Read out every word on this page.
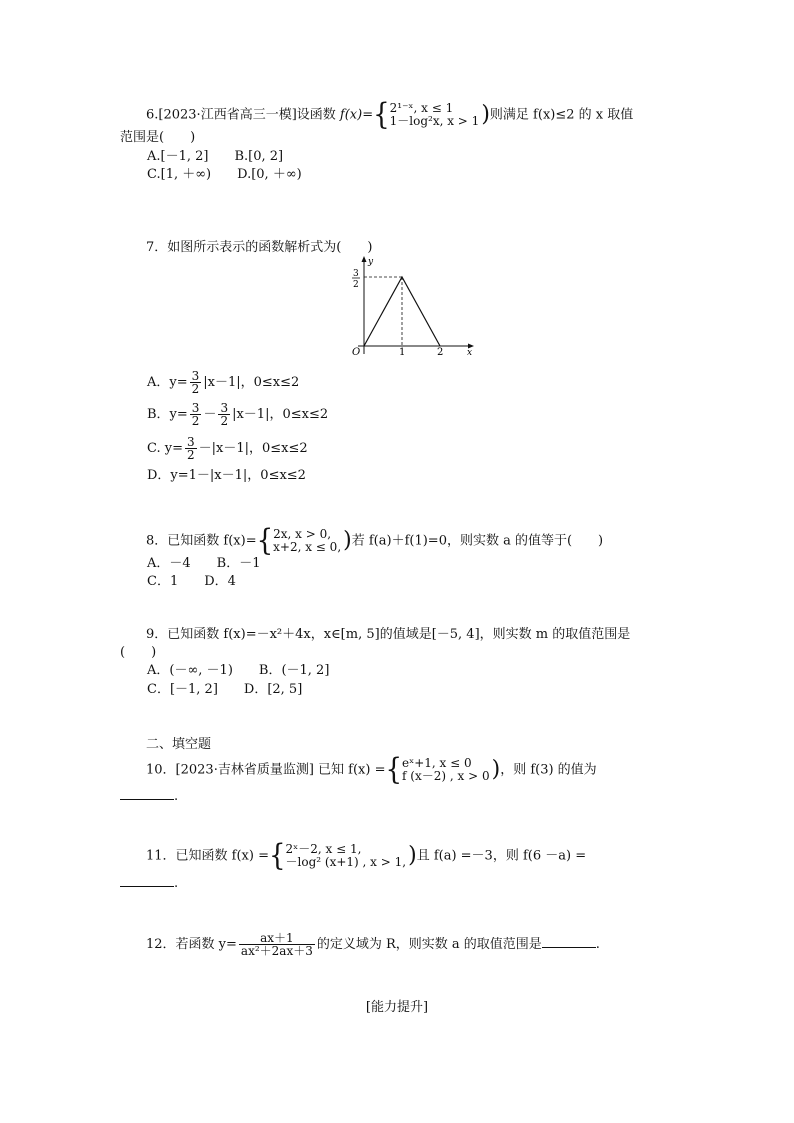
6.[2023·江西省高三一模]设函数 f(x)={ 2¹⁻ˣ, x ≤ 1
1－log²x, x > 1 )则满足 f(x)≤2 的 x 取值
范围是(　　)
A.[－1, 2]　　B.[0, 2]
C.[1, ＋∞)　　D.[0, ＋∞)
7．如图所示表示的函数解析式为(　　)
y
x
O	1	2
3
2
A．$y= \frac{3}{2} |x-1|$，0≤x≤2
B．$y= \frac{3}{2} - \frac{3}{2} |x-1|$，0≤x≤2
C. $y= \frac{3}{2} -|x-1|$，0≤x≤2
D．y=1－|x－1|，0≤x≤2
8．已知函数 f(x)={ 2x, x > 0,
x+2, x ≤ 0, )若 f(a)＋f(1)=0，则实数 a 的值等于(　　)
A．－4　　B．－1
C．1　　D．4
9．已知函数 f(x)=－x²＋4x，x∈[m, 5]的值域是[－5, 4]，则实数 m 的取值范围是
(　　)
A．(－∞, －1)　　B．(－1, 2]
C．[－1, 2]　　D．[2, 5]
二、填空题
10．[2023·吉林省质量监测] 已知 f(x) ={ eˣ+1, x ≤ 0
f (x－2) , x > 0 )，则 f(3) 的值为
.
11．已知函数 f(x) ={ 2ˣ－2, x ≤ 1,
－log² (x+1) , x > 1, )且 f(a) =－3，则 f(6 －a) =
.
12．若函数 $y= \frac{ax+1}{\text{ax²＋2ax＋3}}$ 的定义域为 R，则实数 a 的取值范围是	.
[能力提升]
